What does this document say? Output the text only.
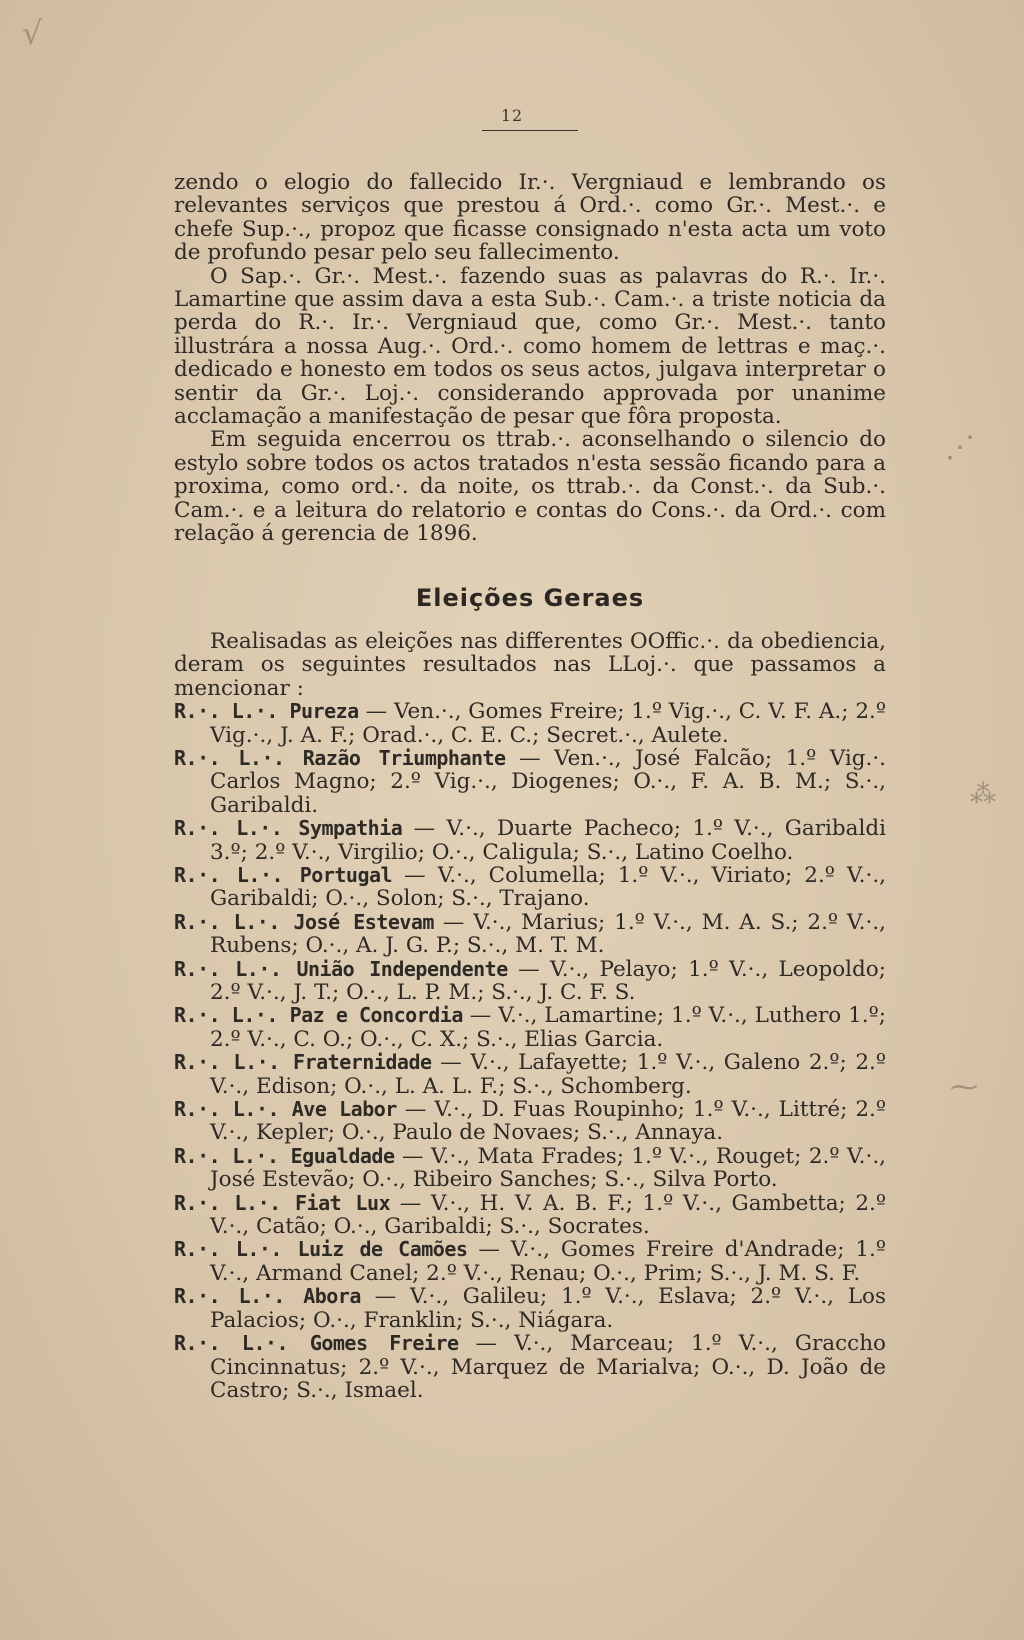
√
⋰
⁂
⁓
12

zendo o elogio do fallecido Ir.·. Vergniaud e lembrando os relevantes serviços que prestou á Ord.·. como Gr.·. Mest.·. e chefe Sup.·., propoz que ficasse consignado n'esta acta um voto de profundo pesar pelo seu fallecimento.

O Sap.·. Gr.·. Mest.·. fazendo suas as palavras do R.·. Ir.·. Lamartine que assim dava a esta Sub.·. Cam.·. a triste noticia da perda do R.·. Ir.·. Vergniaud que, como Gr.·. Mest.·. tanto illustrára a nossa Aug.·. Ord.·. como homem de lettras e maç.·. dedicado e honesto em todos os seus actos, julgava interpretar o sentir da Gr.·. Loj.·. considerando approvada por unanime acclamação a manifestação de pesar que fôra proposta.

Em seguida encerrou os ttrab.·. aconselhando o silencio do estylo sobre todos os actos tratados n'esta sessão ficando para a proxima, como ord.·. da noite, os ttrab.·. da Const.·. da Sub.·. Cam.·. e a leitura do relatorio e contas do Cons.·. da Ord.·. com relação á gerencia de 1896.

Eleições Geraes

Realisadas as eleições nas differentes OOffic.·. da obediencia, deram os seguintes resultados nas LLoj.·. que passamos a mencionar :

R.·. L.·. Pureza — Ven.·., Gomes Freire; 1.º Vig.·., C. V. F. A.; 2.º Vig.·., J. A. F.; Orad.·., C. E. C.; Secret.·., Aulete.

R.·. L.·. Razão Triumphante — Ven.·., José Falcão; 1.º Vig.·. Carlos Magno; 2.º Vig.·., Diogenes; O.·., F. A. B. M.; S.·., Garibaldi.

R.·. L.·. Sympathia — V.·., Duarte Pacheco; 1.º V.·., Garibaldi 3.º; 2.º V.·., Virgilio; O.·., Caligula; S.·., Latino Coelho.

R.·. L.·. Portugal — V.·., Columella; 1.º V.·., Viriato; 2.º V.·., Garibaldi; O.·., Solon; S.·., Trajano.

R.·. L.·. José Estevam — V.·., Marius; 1.º V.·., M. A. S.; 2.º V.·., Rubens; O.·., A. J. G. P.; S.·., M. T. M.

R.·. L.·. União Independente — V.·., Pelayo; 1.º V.·., Leopoldo; 2.º V.·., J. T.; O.·., L. P. M.; S.·., J. C. F. S.

R.·. L.·. Paz e Concordia — V.·., Lamartine; 1.º V.·., Luthero 1.º; 2.º V.·., C. O.; O.·., C. X.; S.·., Elias Garcia.

R.·. L.·. Fraternidade — V.·., Lafayette; 1.º V.·., Galeno 2.º; 2.º V.·., Edison; O.·., L. A. L. F.; S.·., Schomberg.

R.·. L.·. Ave Labor — V.·., D. Fuas Roupinho; 1.º V.·., Littré; 2.º V.·., Kepler; O.·., Paulo de Novaes; S.·., Annaya.

R.·. L.·. Egualdade — V.·., Mata Frades; 1.º V.·., Rouget; 2.º V.·., José Estevão; O.·., Ribeiro Sanches; S.·., Silva Porto.

R.·. L.·. Fiat Lux — V.·., H. V. A. B. F.; 1.º V.·., Gambetta; 2.º V.·., Catão; O.·., Garibaldi; S.·., Socrates.

R.·. L.·. Luiz de Camões — V.·., Gomes Freire d'Andrade; 1.º V.·., Armand Canel; 2.º V.·., Renau; O.·., Prim; S.·., J. M. S. F.

R.·. L.·. Abora — V.·., Galileu; 1.º V.·., Eslava; 2.º V.·., Los Palacios; O.·., Franklin; S.·., Niágara.

R.·. L.·. Gomes Freire — V.·., Marceau; 1.º V.·., Graccho Cincinnatus; 2.º V.·., Marquez de Marialva; O.·., D. João de Castro; S.·., Ismael.
